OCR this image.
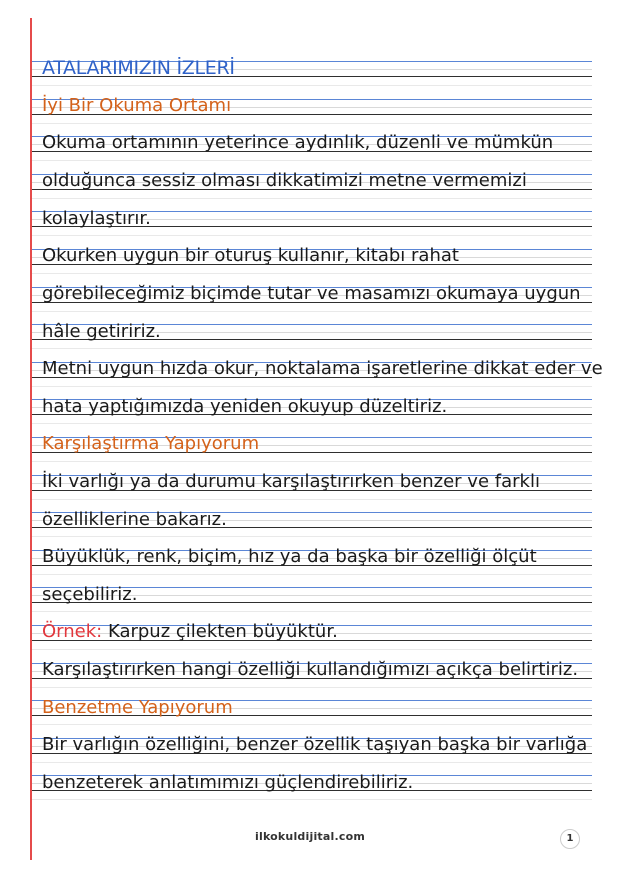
ATALARIMIZIN İZLERİ
İyi Bir Okuma Ortamı
Okuma ortamının yeterince aydınlık, düzenli ve mümkün
olduğunca sessiz olması dikkatimizi metne vermemizi
kolaylaştırır.
Okurken uygun bir oturuş kullanır, kitabı rahat
görebileceğimiz biçimde tutar ve masamızı okumaya uygun
hâle getiririz.
Metni uygun hızda okur, noktalama işaretlerine dikkat eder ve
hata yaptığımızda yeniden okuyup düzeltiriz.
Karşılaştırma Yapıyorum
İki varlığı ya da durumu karşılaştırırken benzer ve farklı
özelliklerine bakarız.
Büyüklük, renk, biçim, hız ya da başka bir özelliği ölçüt
seçebiliriz.
Örnek: Karpuz çilekten büyüktür.
Karşılaştırırken hangi özelliği kullandığımızı açıkça belirtiriz.
Benzetme Yapıyorum
Bir varlığın özelliğini, benzer özellik taşıyan başka bir varlığa
benzeterek anlatımımızı güçlendirebiliriz.
ilkokuldijital.com	1
